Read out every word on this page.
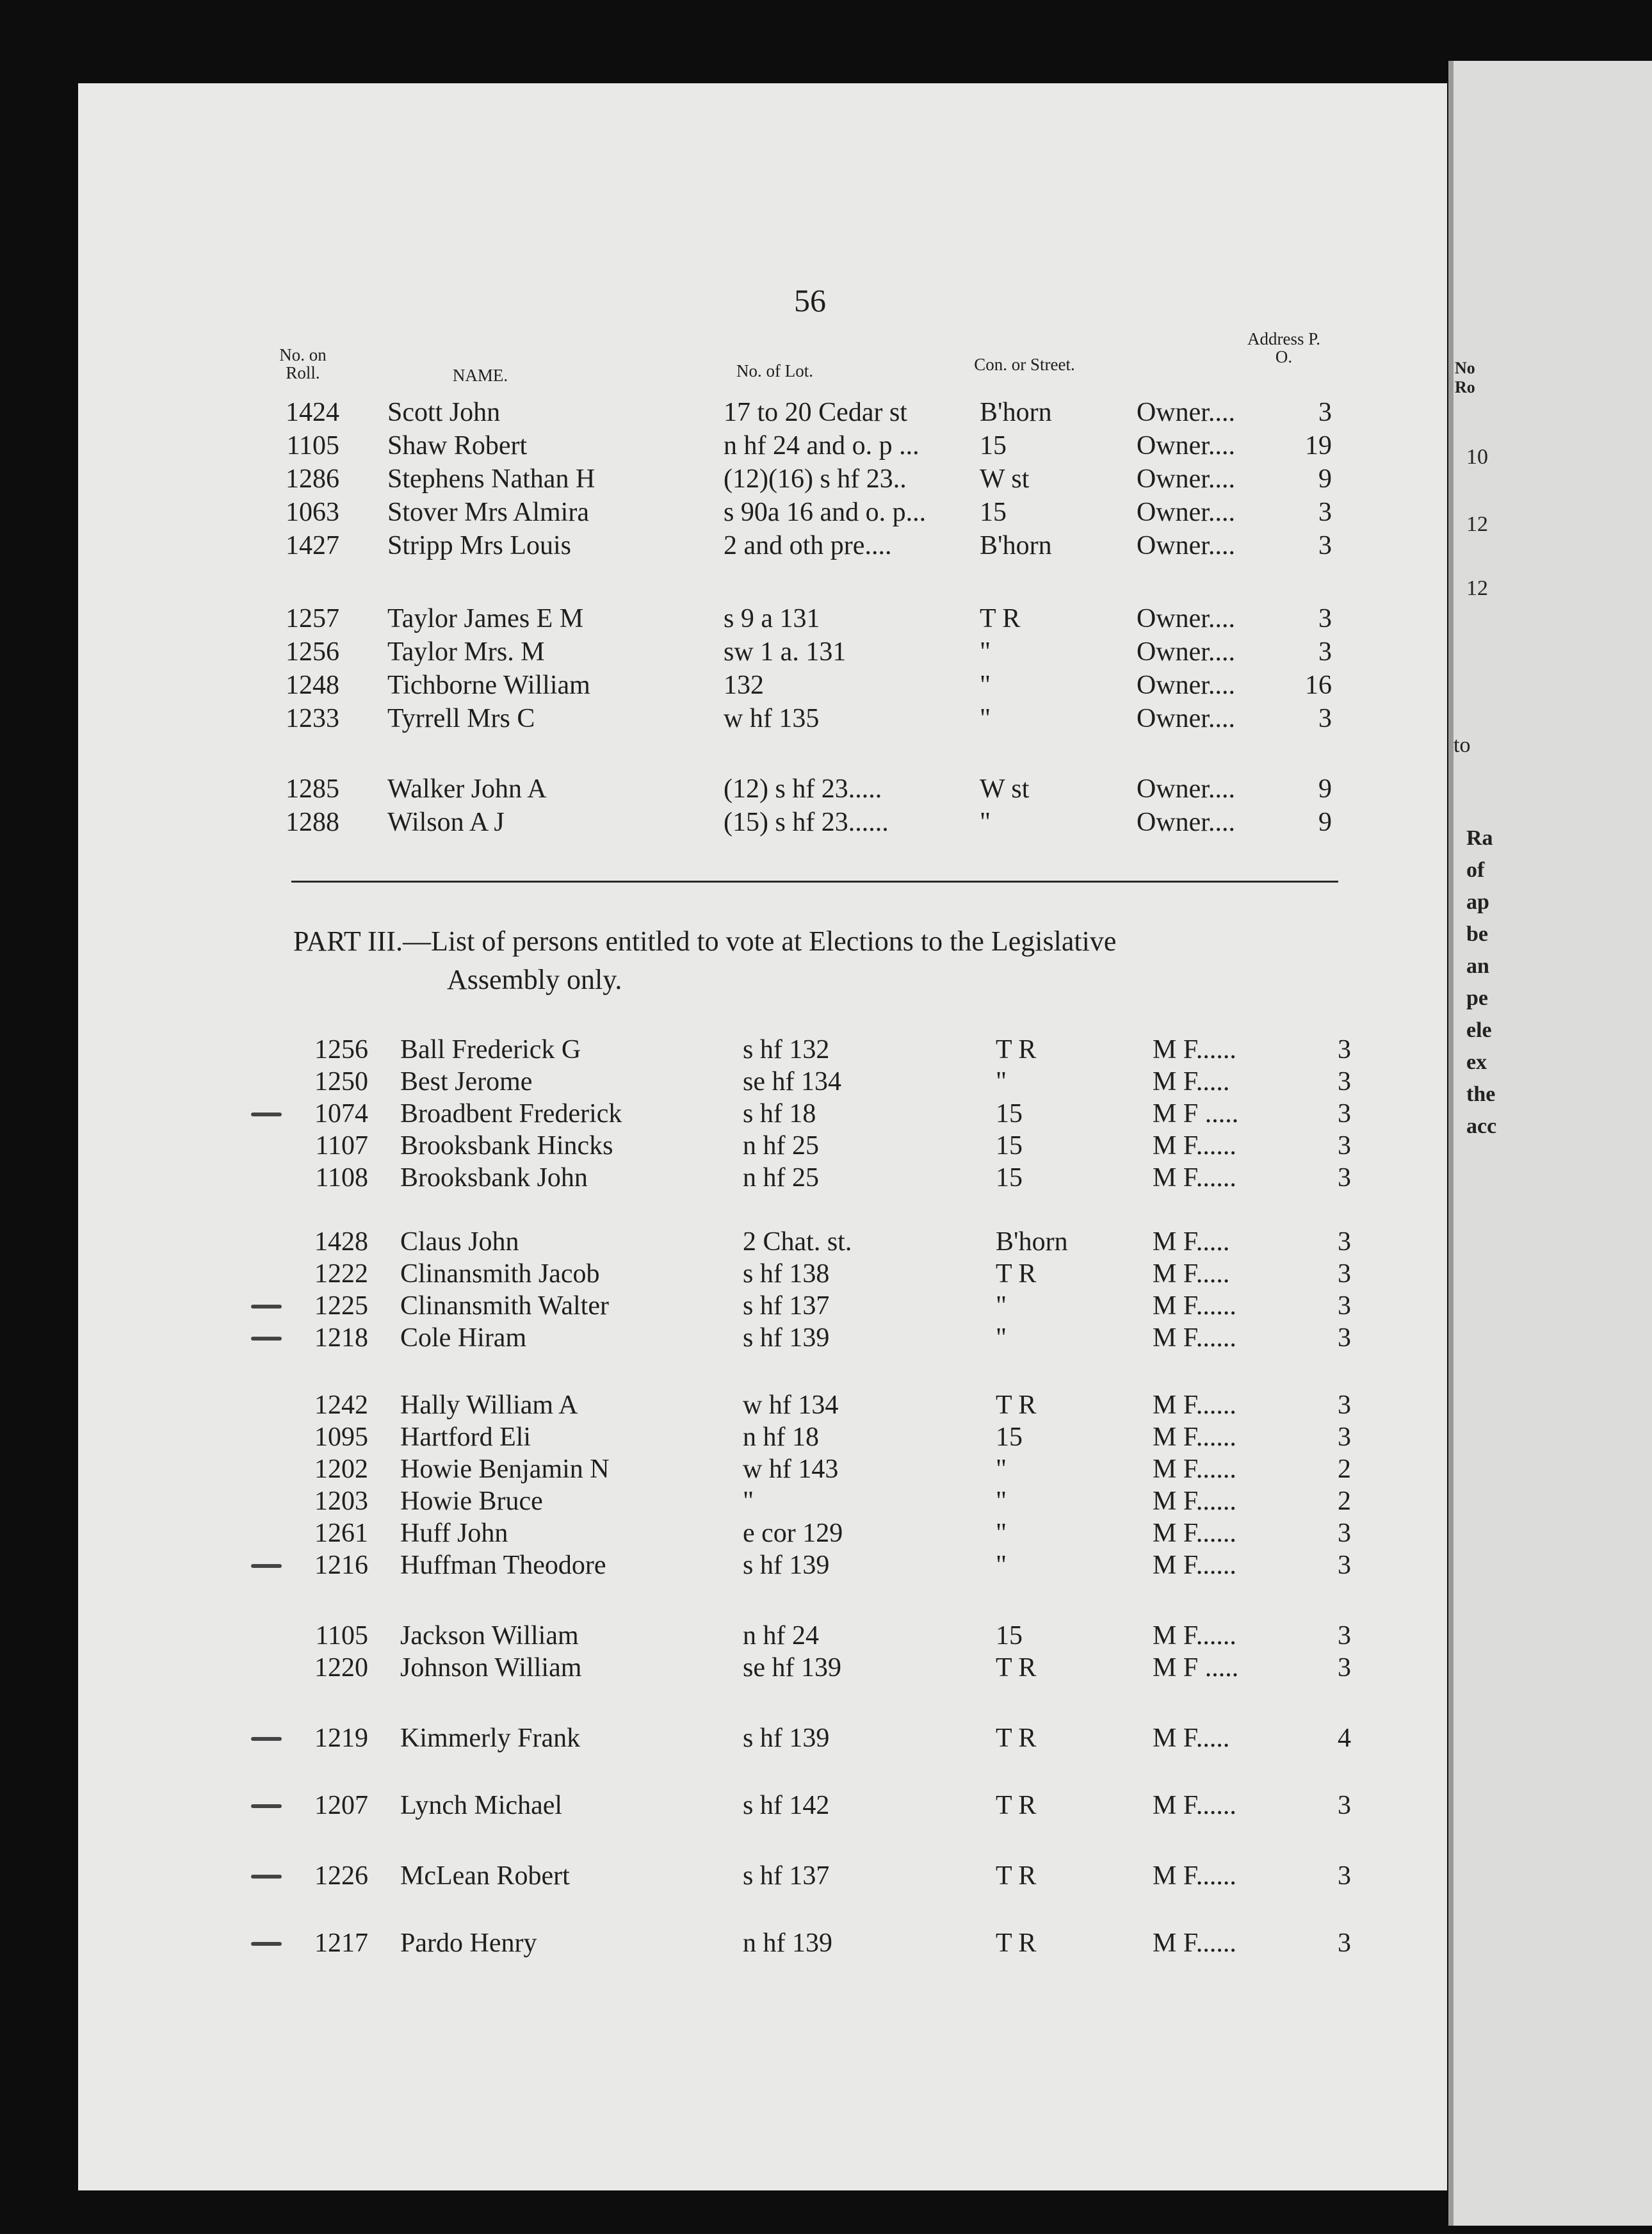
No
Ro
10
12
12
to
Ra
of
ap
be
an
pe
ele
ex
the
acc
56
No. on Roll.	NAME.	No. of Lot.	Con. or Street.
Address P. O.
1424 Scott John	17 to 20 Cedar st	B'horn	Owner....	3
1105 Shaw Robert	n hf 24 and o. p ... 15	Owner....	19
1286 Stephens Nathan H	(12)(16) s hf 23..	W st	Owner....	9
1063 Stover Mrs Almira	s 90a 16 and o. p... 15	Owner....	3
1427 Stripp Mrs Louis	2 and oth pre....	B'horn	Owner....	3
1257 Taylor James E M	s 9 a 131	T R	Owner....	3
1256 Taylor Mrs. M	sw 1 a. 131	"	Owner....	3
1248 Tichborne William	132	"	Owner....	16
1233 Tyrrell Mrs C	w hf 135	"	Owner....	3
1285 Walker John A	(12) s hf 23.....	W st	Owner....	9
1288 Wilson A J	(15) s hf 23......	"	Owner....	9
PART III.—List of persons entitled to vote at Elections to the Legislative
Assembly only.
1256 Ball Frederick G	s hf 132	T R	M F......	3
1250 Best Jerome	se hf 134	"	M F.....	3
1074 Broadbent Frederick	s hf 18	15	M F .....	3
1107 Brooksbank Hincks	n hf 25	15	M F......	3
1108 Brooksbank John	n hf 25	15	M F......	3
1428 Claus John	2 Chat. st.	B'horn	M F.....	3
1222 Clinansmith Jacob	s hf 138	T R	M F.....	3
1225 Clinansmith Walter	s hf 137	"	M F......	3
1218 Cole Hiram	s hf 139	"	M F......	3
1242 Hally William A	w hf 134	T R	M F......	3
1095 Hartford Eli	n hf 18	15	M F......	3
1202 Howie Benjamin N	w hf 143	"	M F......	2
1203 Howie Bruce	"	"	M F......	2
1261 Huff John	e cor 129	"	M F......	3
1216 Huffman Theodore	s hf 139	"	M F......	3
1105 Jackson William	n hf 24	15	M F......	3
1220 Johnson William	se hf 139	T R	M F .....	3
1219 Kimmerly Frank	s hf 139	T R	M F.....	4
1207 Lynch Michael	s hf 142	T R	M F......	3
1226 McLean Robert	s hf 137	T R	M F......	3
1217 Pardo Henry	n hf 139	T R	M F......	3
